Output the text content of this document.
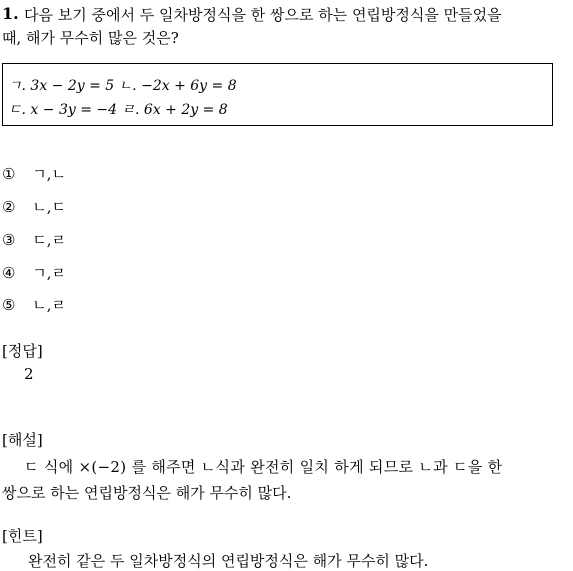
1. 다음 보기 중에서 두 일차방정식을 한 쌍으로 하는 연립방정식을 만들었을
때, 해가 무수히 많은 것은?
ㄱ. 3x − 2y = 5 ㄴ. −2x + 6y = 8
ㄷ. x − 3y = −4 ㄹ. 6x + 2y = 8
① ㄱ,ㄴ
② ㄴ,ㄷ
③ ㄷ,ㄹ
④ ㄱ,ㄹ
⑤ ㄴ,ㄹ
[정답]
2
[해설]
ㄷ 식에 ×(−2) 를 해주면 ㄴ식과 완전히 일치 하게 되므로 ㄴ과 ㄷ을 한
쌍으로 하는 연립방정식은 해가 무수히 많다.
[힌트]
완전히 같은 두 일차방정식의 연립방정식은 해가 무수히 많다.
